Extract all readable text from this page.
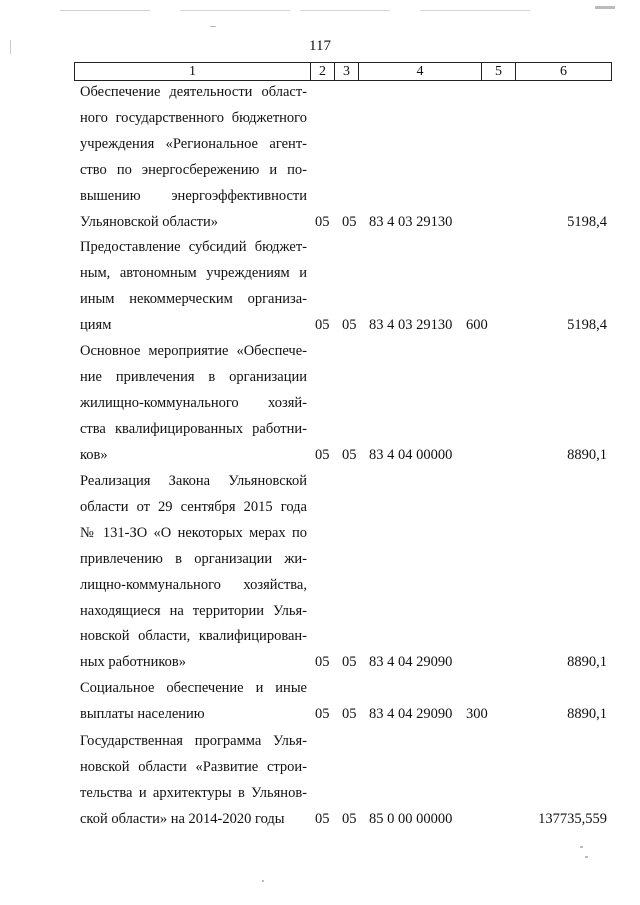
117
1	2	3	4	5	6
Обеспечение деятельности област-
ного государственного бюджетного
учреждения «Региональное агент-
ство по энергосбережению и по-
вышению энергоэффективности
Ульяновской области»	05 05 83 4 03 29130	5198,4
Предоставление субсидий бюджет-
ным, автономным учреждениям и
иным некоммерческим организа-
циям	05 05 83 4 03 29130 600	5198,4
Основное мероприятие «Обеспече-
ние привлечения в организации
жилищно-коммунального хозяй-
ства квалифицированных работни-
ков»	05 05 83 4 04 00000	8890,1
Реализация Закона Ульяновской
области от 29 сентября 2015 года
№ 131-ЗО «О некоторых мерах по
привлечению в организации жи-
лищно-коммунального хозяйства,
находящиеся на территории Улья-
новской области, квалифицирован-
ных работников»	05 05 83 4 04 29090	8890,1
Социальное обеспечение и иные
выплаты населению	05 05 83 4 04 29090 300	8890,1
Государственная программа Улья-
новской области «Развитие строи-
тельства и архитектуры в Ульянов-
ской области» на 2014-2020 годы	05 05 85 0 00 00000	137735,559
